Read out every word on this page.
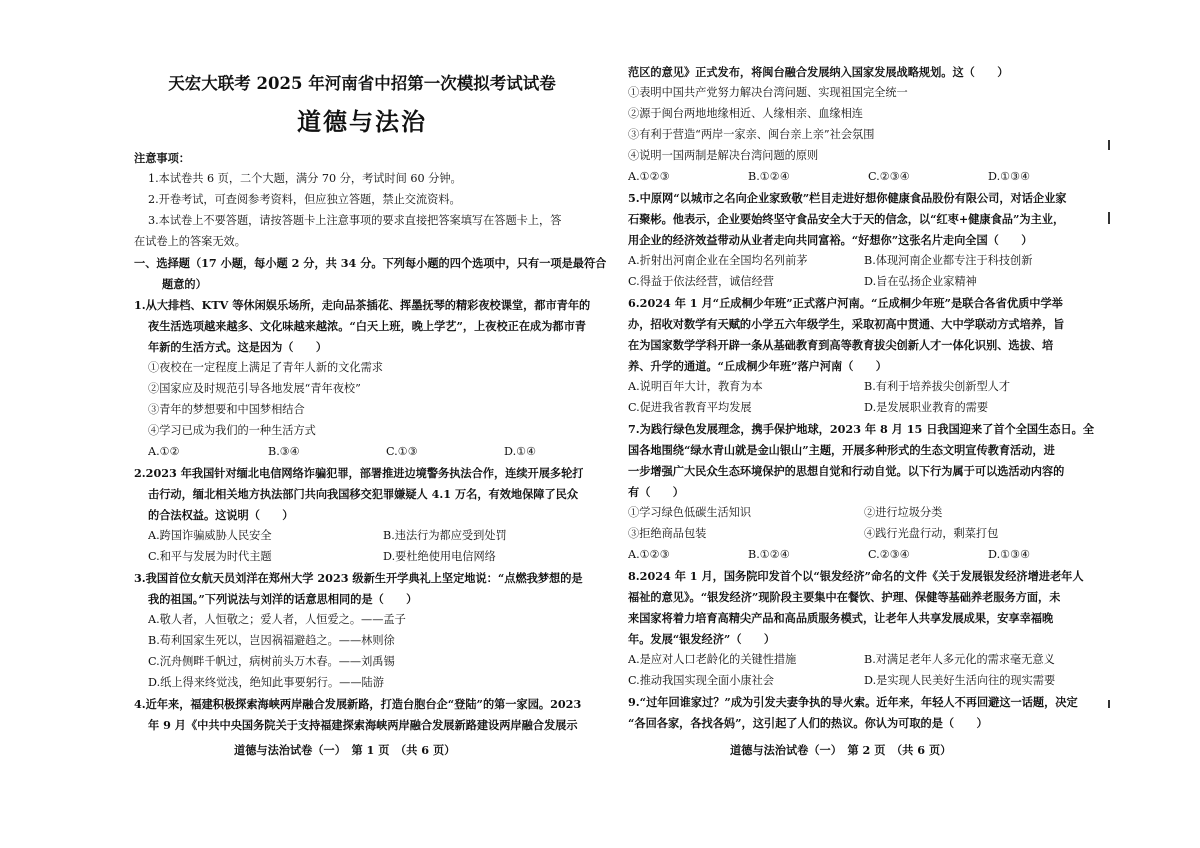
天宏大联考 2025 年河南省中招第一次模拟考试试卷
道德与法治
注意事项：
1.本试卷共 6 页，二个大题，满分 70 分，考试时间 60 分钟。
2.开卷考试，可查阅参考资料，但应独立答题，禁止交流资料。
3.本试卷上不要答题，请按答题卡上注意事项的要求直接把答案填写在答题卡上，答
在试卷上的答案无效。
一、选择题（17 小题，每小题 2 分，共 34 分。下列每小题的四个选项中，只有一项是最符合
题意的）
1.从大排档、KTV 等休闲娱乐场所，走向品茶插花、挥墨抚琴的精彩夜校课堂，都市青年的
夜生活选项越来越多、文化味越来越浓。“白天上班，晚上学艺”，上夜校正在成为都市青
年新的生活方式。这是因为（　　）
①夜校在一定程度上满足了青年人新的文化需求
②国家应及时规范引导各地发展“青年夜校”
③青年的梦想要和中国梦相结合
④学习已成为我们的一种生活方式
A.①②	B.③④	C.①③	D.①④
2.2023 年我国针对缅北电信网络诈骗犯罪，部署推进边境警务执法合作，连续开展多轮打
击行动，缅北相关地方执法部门共向我国移交犯罪嫌疑人 4.1 万名，有效地保障了民众
的合法权益。这说明（　　）
A.跨国诈骗威胁人民安全	B.违法行为都应受到处罚
C.和平与发展为时代主题	D.要杜绝使用电信网络
3.我国首位女航天员刘洋在郑州大学 2023 级新生开学典礼上坚定地说：“点燃我梦想的是
我的祖国。”下列说法与刘洋的话意思相同的是（　　）
A.敬人者，人恒敬之；爱人者，人恒爱之。——孟子
B.苟利国家生死以，岂因祸福避趋之。——林则徐
C.沉舟侧畔千帆过，病树前头万木春。——刘禹锡
D.纸上得来终觉浅，绝知此事要躬行。——陆游
4.近年来，福建积极探索海峡两岸融合发展新路，打造台胞台企“登陆”的第一家园。2023
年 9 月《中共中央国务院关于支持福建探索海峡两岸融合发展新路建设两岸融合发展示
道德与法治试卷（一）　第 1 页　（共 6 页）
范区的意见》正式发布，将闽台融合发展纳入国家发展战略规划。这（　　）
①表明中国共产党努力解决台湾问题、实现祖国完全统一
②源于闽台两地地缘相近、人缘相亲、血缘相连
③有利于营造“两岸一家亲、闽台亲上亲”社会氛围
④说明一国两制是解决台湾问题的原则
A.①②③	B.①②④	C.②③④	D.①③④
5.中原网“以城市之名向企业家致敬”栏目走进好想你健康食品股份有限公司，对话企业家
石聚彬。他表示，企业要始终坚守食品安全大于天的信念，以“红枣+健康食品”为主业，
用企业的经济效益带动从业者走向共同富裕。“好想你”这张名片走向全国（　　）
A.折射出河南企业在全国均名列前茅	B.体现河南企业都专注于科技创新
C.得益于依法经营，诚信经营	D.旨在弘扬企业家精神
6.2024 年 1 月“丘成桐少年班”正式落户河南。“丘成桐少年班”是联合各省优质中学举
办，招收对数学有天赋的小学五六年级学生，采取初高中贯通、大中学联动方式培养，旨
在为国家数学学科开辟一条从基础教育到高等教育拔尖创新人才一体化识别、选拔、培
养、升学的通道。“丘成桐少年班”落户河南（　　）
A.说明百年大计，教育为本	B.有利于培养拔尖创新型人才
C.促进我省教育平均发展	D.是发展职业教育的需要
7.为践行绿色发展理念，携手保护地球，2023 年 8 月 15 日我国迎来了首个全国生态日。全
国各地围绕“绿水青山就是金山银山”主题，开展多种形式的生态文明宣传教育活动，进
一步增强广大民众生态环境保护的思想自觉和行动自觉。以下行为属于可以选活动内容的
有（　　）
①学习绿色低碳生活知识	②进行垃圾分类
③拒绝商品包装	④践行光盘行动，剩菜打包
A.①②③	B.①②④	C.②③④	D.①③④
8.2024 年 1 月，国务院印发首个以“银发经济”命名的文件《关于发展银发经济增进老年人
福祉的意见》。“银发经济”现阶段主要集中在餐饮、护理、保健等基础养老服务方面，未
来国家将着力培育高精尖产品和高品质服务模式，让老年人共享发展成果，安享幸福晚
年。发展“银发经济”（　　）
A.是应对人口老龄化的关键性措施	B.对满足老年人多元化的需求毫无意义
C.推动我国实现全面小康社会	D.是实现人民美好生活向往的现实需要
9.“过年回谁家过？”成为引发夫妻争执的导火索。近年来，年轻人不再回避这一话题，决定
“各回各家，各找各妈”，这引起了人们的热议。你认为可取的是（　　）
道德与法治试卷（一）　第 2 页　（共 6 页）
